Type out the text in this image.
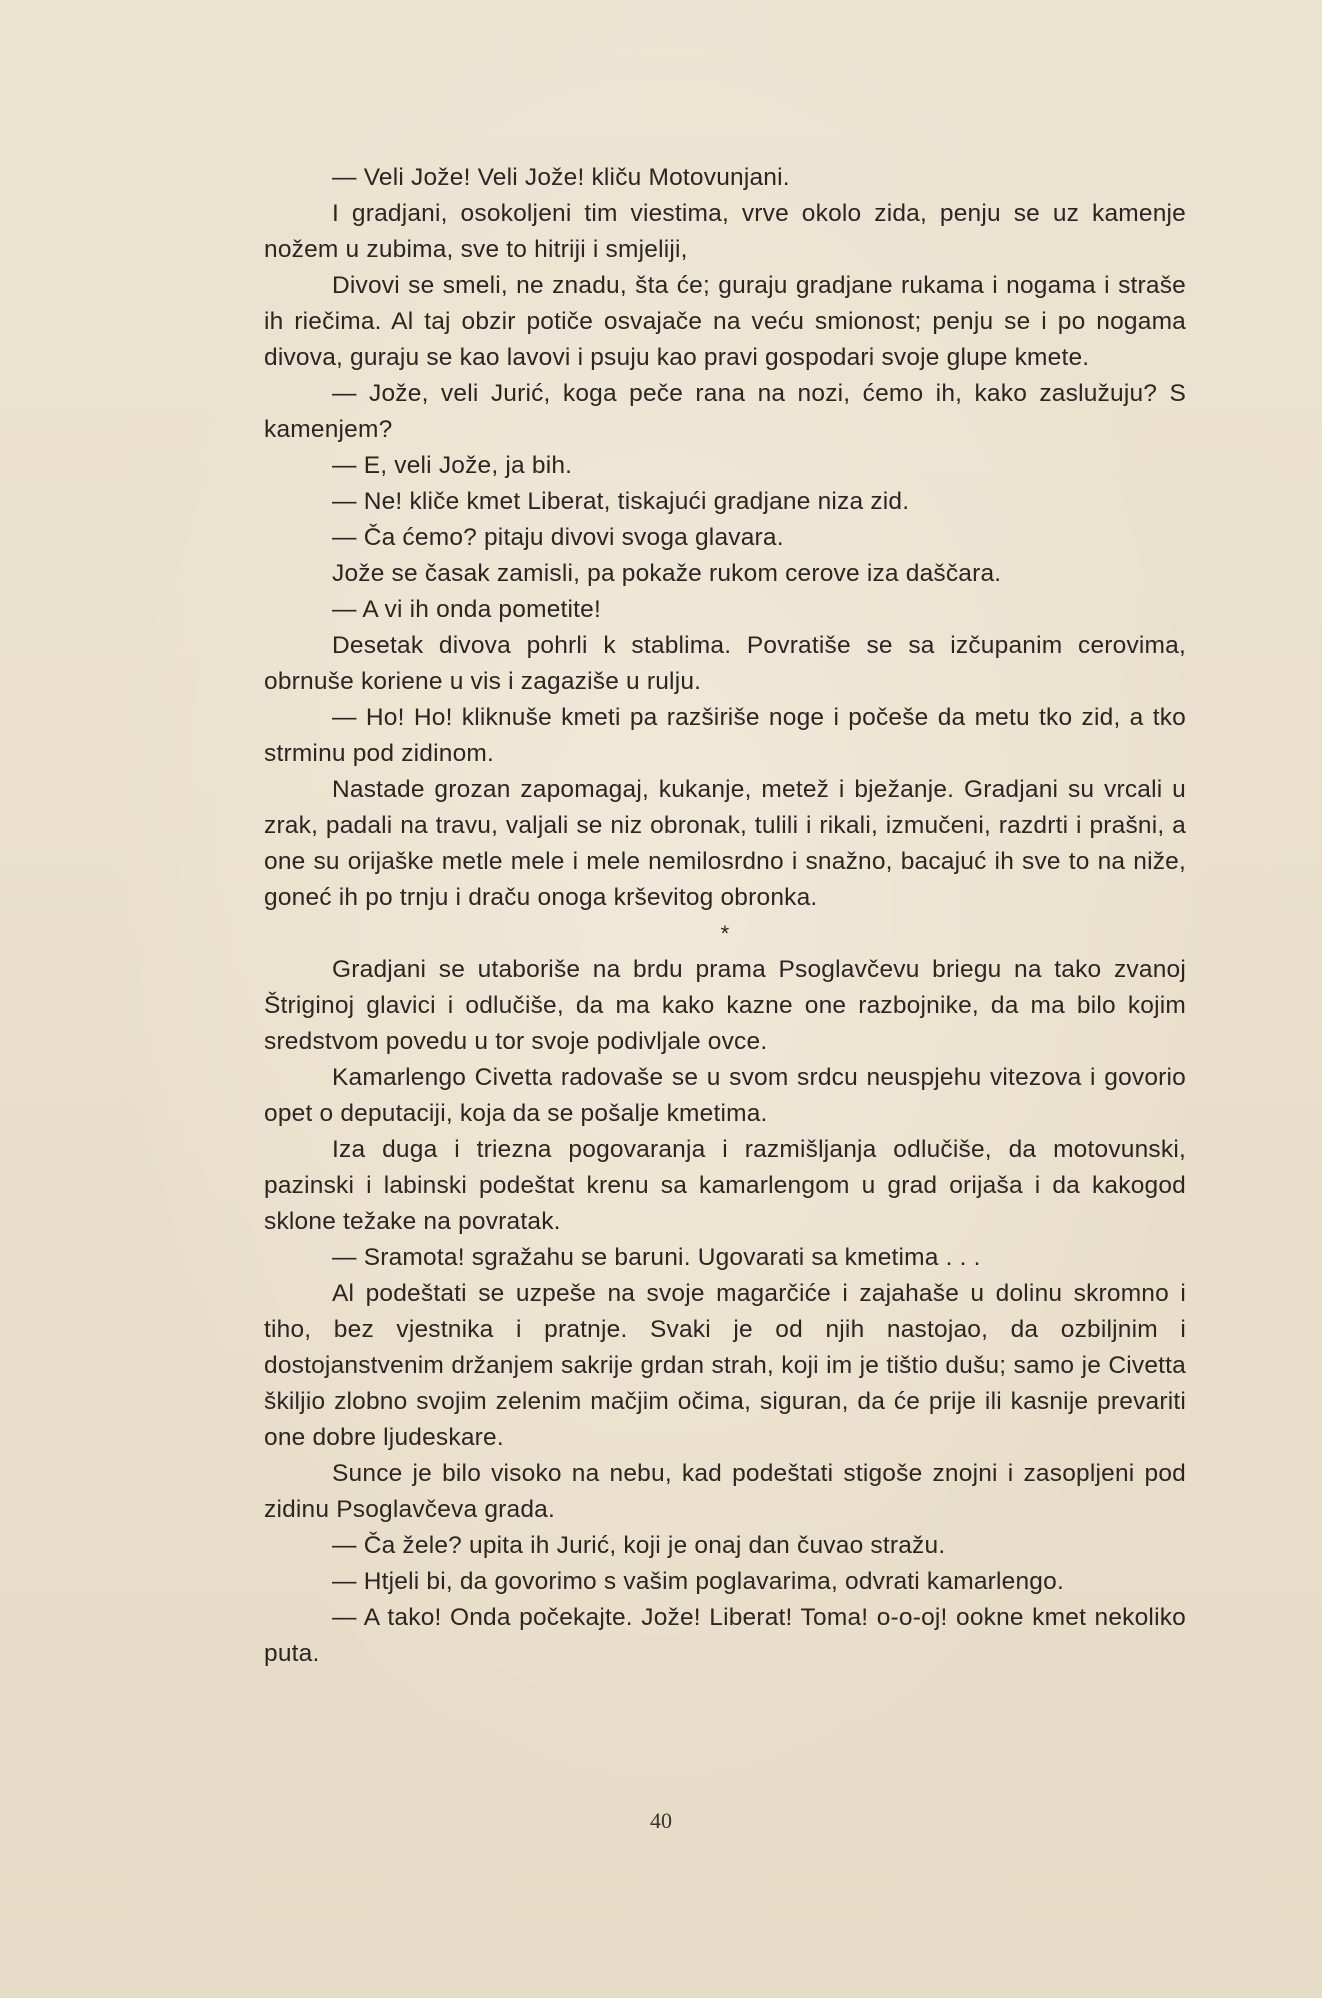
— Veli Jože! Veli Jože! kliču Motovunjani.

I gradjani, osokoljeni tim viestima, vrve okolo zida, penju se uz kamenje nožem u zubima, sve to hitriji i smjeliji,

Divovi se smeli, ne znadu, šta će; guraju gradjane rukama i nogama i straše ih riečima. Al taj obzir potiče osvajače na veću smionost; penju se i po nogama divova, guraju se kao lavovi i psuju kao pravi gospodari svoje glupe kmete.

— Jože, veli Jurić, koga peče rana na nozi, ćemo ih, kako zaslužuju? S kamenjem?

— E, veli Jože, ja bih.

— Ne! kliče kmet Liberat, tiskajući gradjane niza zid.

— Ča ćemo? pitaju divovi svoga glavara.

Jože se časak zamisli, pa pokaže rukom cerove iza daščara.

— A vi ih onda pometite!

Desetak divova pohrli k stablima. Povratiše se sa izčupanim cerovima, obrnuše koriene u vis i zagaziše u rulju.

— Ho! Ho! kliknuše kmeti pa razširiše noge i počeše da metu tko zid, a tko strminu pod zidinom.

Nastade grozan zapomagaj, kukanje, metež i bježanje. Gradjani su vrcali u zrak, padali na travu, valjali se niz obronak, tulili i rikali, izmučeni, razdrti i prašni, a one su orijaške metle mele i mele nemilosrdno i snažno, bacajuć ih sve to na niže, goneć ih po trnju i draču onoga krševitog obronka.

*

Gradjani se utaboriše na brdu prama Psoglavčevu briegu na tako zvanoj Štriginoj glavici i odlučiše, da ma kako kazne one razbojnike, da ma bilo kojim sredstvom povedu u tor svoje podivljale ovce.

Kamarlengo Civetta radovaše se u svom srdcu neuspjehu vitezova i govorio opet o deputaciji, koja da se pošalje kmetima.

Iza duga i triezna pogovaranja i razmišljanja odlučiše, da motovunski, pazinski i labinski podeštat krenu sa kamarlengom u grad orijaša i da kakogod sklone težake na povratak.

— Sramota! sgražahu se baruni. Ugovarati sa kmetima . . .

Al podeštati se uzpeše na svoje magarčiće i zajahaše u dolinu skromno i tiho, bez vjestnika i pratnje. Svaki je od njih nastojao, da ozbiljnim i dostojanstvenim držanjem sakrije grdan strah, koji im je tištio dušu; samo je Civetta škiljio zlobno svojim zelenim mačjim očima, siguran, da će prije ili kasnije prevariti one dobre ljudeskare.

Sunce je bilo visoko na nebu, kad podeštati stigoše znojni i zasopljeni pod zidinu Psoglavčeva grada.

— Ča žele? upita ih Jurić, koji je onaj dan čuvao stražu.

— Htjeli bi, da govorimo s vašim poglavarima, odvrati kamarlengo.

— A tako! Onda počekajte. Jože! Liberat! Toma! o-o-oj! ookne kmet nekoliko puta.

40
